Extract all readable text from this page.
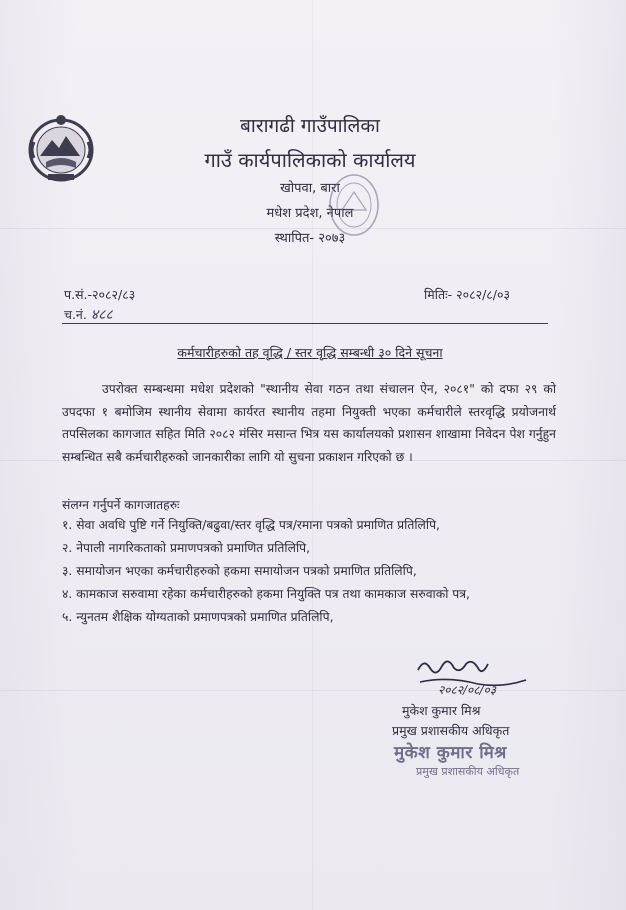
बारागढी गाउँपालिका
गाउँ कार्यपालिकाको कार्यालय
खोपवा, बारा
मधेश प्रदेश, नेपाल
स्थापित- २०७३
प.सं.-२०८२/८३	मितिः- २०८२/८/०३
च.नं. ४८८
कर्मचारीहरुको तह वृद्धि / स्तर वृद्धि सम्बन्धी ३० दिने सूचना
उपरोक्त सम्बन्धमा मधेश प्रदेशको "स्थानीय सेवा गठन तथा संचालन ऐन, २०८१" को दफा २९ को उपदफा १ बमोजिम स्थानीय सेवामा कार्यरत स्थानीय तहमा नियुक्ती भएका कर्मचारीले स्तरवृद्धि प्रयोजनार्थ तपसिलका कागजात सहित मिति २०८२ मंसिर मसान्त भित्र यस कार्यालयको प्रशासन शाखामा निवेदन पेश गर्नुहुन सम्बन्धित सबै कर्मचारीहरुको जानकारीका लागि यो सुचना प्रकाशन गरिएको छ ।
संलग्न गर्नुपर्ने कागजातहरुः
१. सेवा अवधि पुष्टि गर्ने नियुक्ति/बढुवा/स्तर वृद्धि पत्र/रमाना पत्रको प्रमाणित प्रतिलिपि,
२. नेपाली नागरिकताको प्रमाणपत्रको प्रमाणित प्रतिलिपि,
३. समायोजन भएका कर्मचारीहरुको हकमा समायोजन पत्रको प्रमाणित प्रतिलिपि,
४. कामकाज सरुवामा रहेका कर्मचारीहरुको हकमा नियुक्ति पत्र तथा कामकाज सरुवाको पत्र,
५. न्युनतम शैक्षिक योग्यताको प्रमाणपत्रको प्रमाणित प्रतिलिपि,
२०८२/०८/०३
मुकेश कुमार मिश्र
प्रमुख प्रशासकीय अधिकृत
मुकेश कुमार मिश्र
प्रमुख प्रशासकीय अधिकृत
